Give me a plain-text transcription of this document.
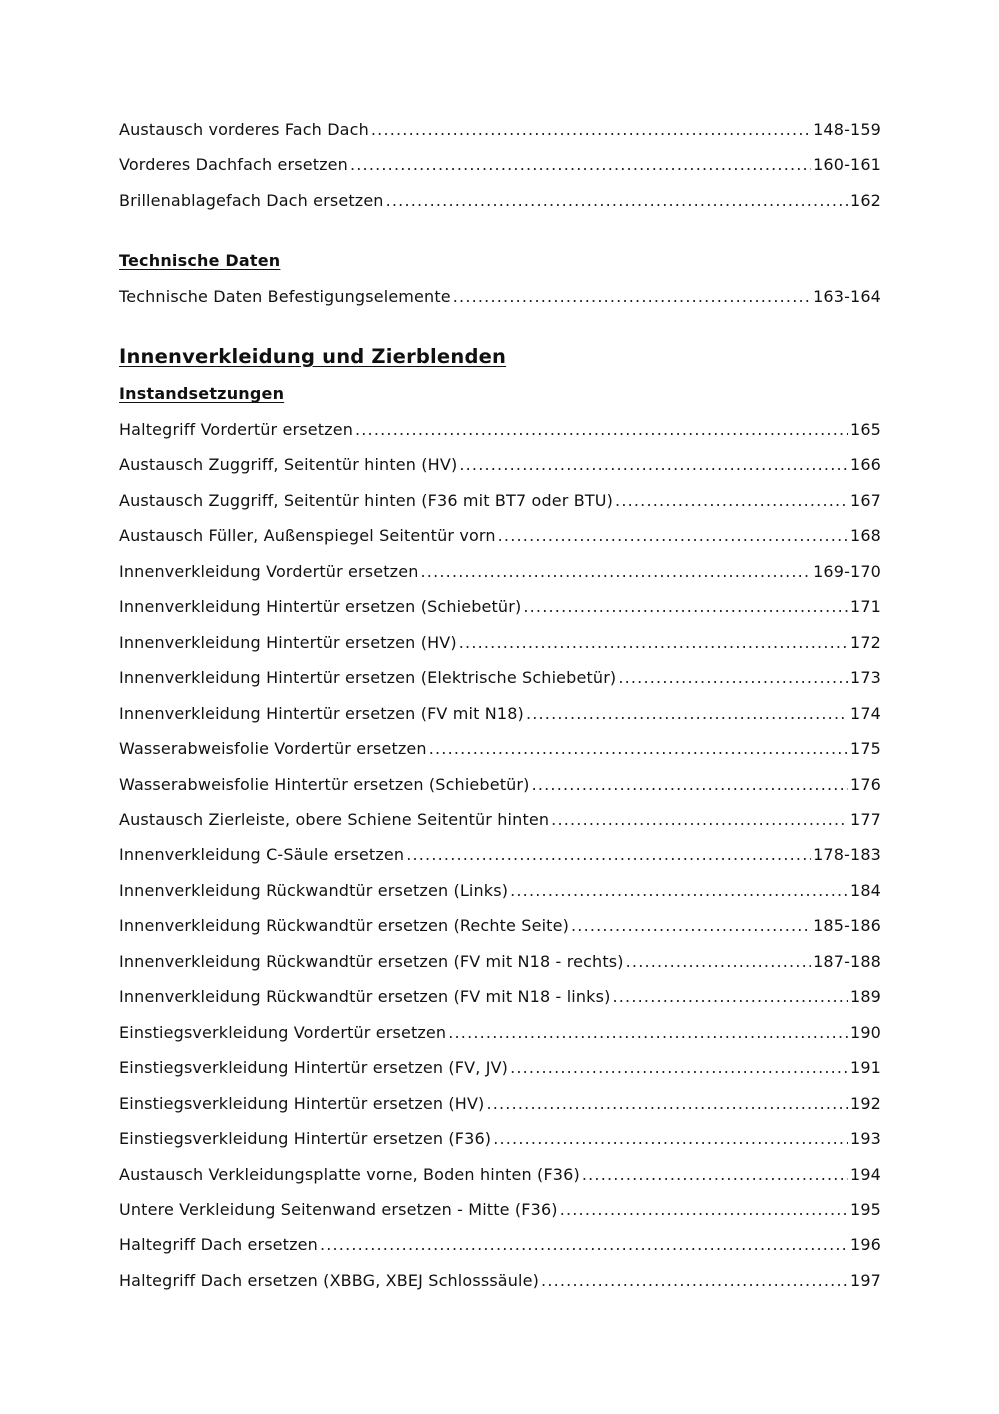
Austausch vorderes Fach Dach .....	148-159
Vorderes Dachfach ersetzen .....	160-161
Brillenablagefach Dach ersetzen .....	162
Technische Daten
Technische Daten Befestigungselemente .....	163-164
Innenverkleidung und Zierblenden
Instandsetzungen
Haltegriff Vordertür ersetzen .....	165
Austausch Zuggriff, Seitentür hinten (HV) .....	166
Austausch Zuggriff, Seitentür hinten (F36 mit BT7 oder BTU) .....	167
Austausch Füller, Außenspiegel Seitentür vorn .....	168
Innenverkleidung Vordertür ersetzen .....	169-170
Innenverkleidung Hintertür ersetzen (Schiebetür) .....	171
Innenverkleidung Hintertür ersetzen (HV) .....	172
Innenverkleidung Hintertür ersetzen (Elektrische Schiebetür) .....	173
Innenverkleidung Hintertür ersetzen (FV mit N18) .....	174
Wasserabweisfolie Vordertür ersetzen .....	175
Wasserabweisfolie Hintertür ersetzen (Schiebetür) .....	176
Austausch Zierleiste, obere Schiene Seitentür hinten .....	177
Innenverkleidung C-Säule ersetzen .....	178-183
Innenverkleidung Rückwandtür ersetzen (Links) .....	184
Innenverkleidung Rückwandtür ersetzen (Rechte Seite) .....	185-186
Innenverkleidung Rückwandtür ersetzen (FV mit N18 - rechts) .....	187-188
Innenverkleidung Rückwandtür ersetzen (FV mit N18 - links) .....	189
Einstiegsverkleidung Vordertür ersetzen .....	190
Einstiegsverkleidung Hintertür ersetzen (FV, JV) .....	191
Einstiegsverkleidung Hintertür ersetzen (HV) .....	192
Einstiegsverkleidung Hintertür ersetzen (F36) .....	193
Austausch Verkleidungsplatte vorne, Boden hinten (F36) .....	194
Untere Verkleidung Seitenwand ersetzen - Mitte (F36) .....	195
Haltegriff Dach ersetzen .....	196
Haltegriff Dach ersetzen (XBBG, XBEJ Schlosssäule) .....	197
